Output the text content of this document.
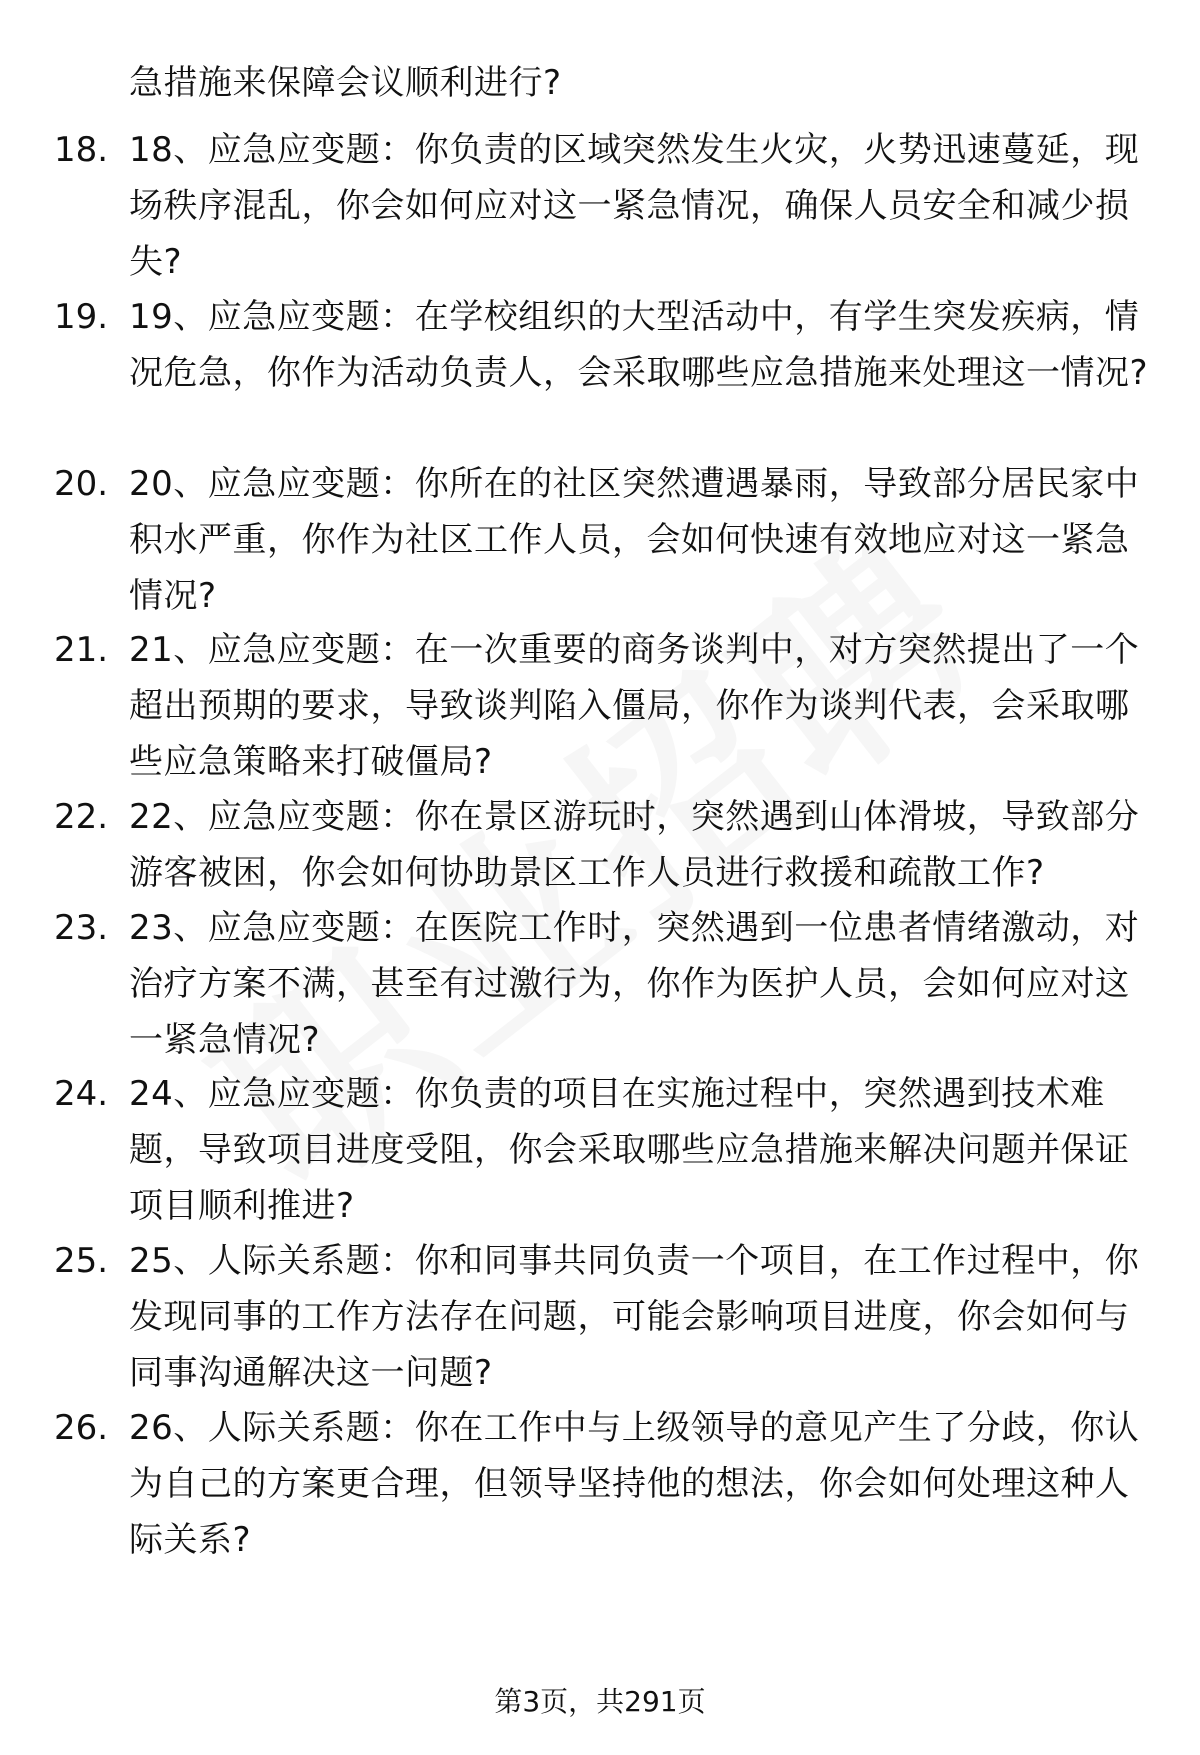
急措施来保障会议顺利进行?
18. 18、应急应变题：你负责的区域突然发生火灾，火势迅速蔓延，现场秩序混乱，你会如何应对这一紧急情况，确保人员安全和减少损失?
19. 19、应急应变题：在学校组织的大型活动中，有学生突发疾病，情况危急，你作为活动负责人，会采取哪些应急措施来处理这一情况?
20. 20、应急应变题：你所在的社区突然遭遇暴雨，导致部分居民家中积水严重，你作为社区工作人员，会如何快速有效地应对这一紧急情况?
21. 21、应急应变题：在一次重要的商务谈判中，对方突然提出了一个超出预期的要求，导致谈判陷入僵局，你作为谈判代表，会采取哪些应急策略来打破僵局?
22. 22、应急应变题：你在景区游玩时，突然遇到山体滑坡，导致部分游客被困，你会如何协助景区工作人员进行救援和疏散工作?
23. 23、应急应变题：在医院工作时，突然遇到一位患者情绪激动，对治疗方案不满，甚至有过激行为，你作为医护人员，会如何应对这一紧急情况?
24. 24、应急应变题：你负责的项目在实施过程中，突然遇到技术难题，导致项目进度受阻，你会采取哪些应急措施来解决问题并保证项目顺利推进?
25. 25、人际关系题：你和同事共同负责一个项目，在工作过程中，你发现同事的工作方法存在问题，可能会影响项目进度，你会如何与同事沟通解决这一问题?
26. 26、人际关系题：你在工作中与上级领导的意见产生了分歧，你认为自己的方案更合理，但领导坚持他的想法，你会如何处理这种人际关系?
第3页，共291页
